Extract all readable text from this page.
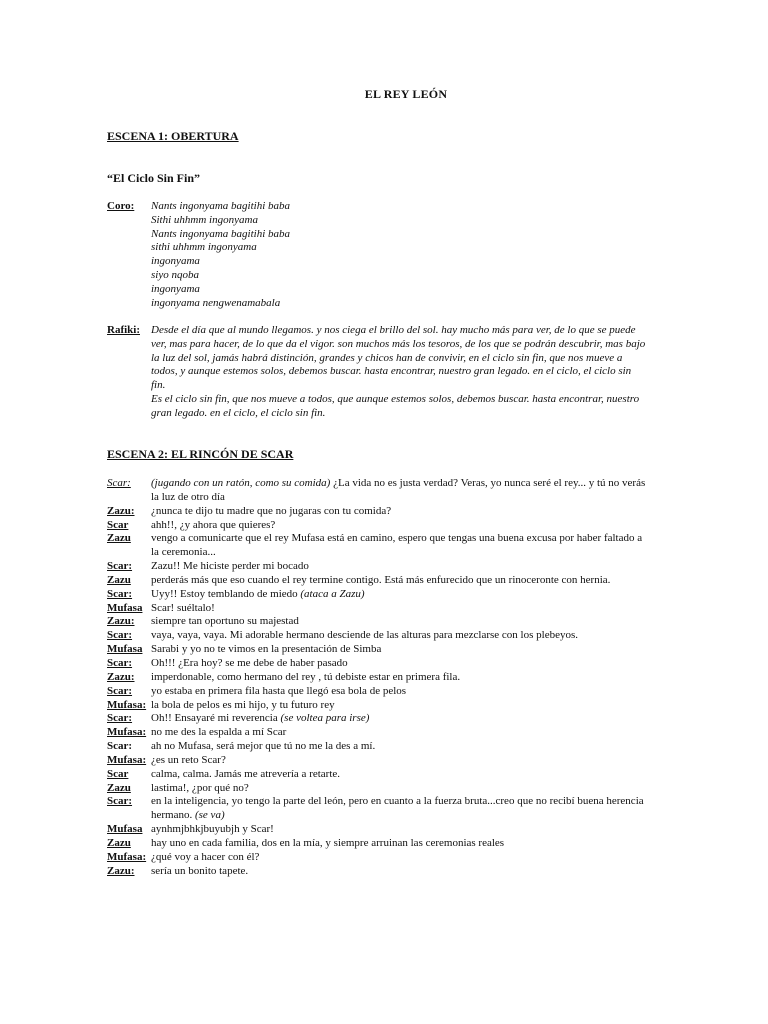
EL REY LEÓN
ESCENA 1: OBERTURA
“El Ciclo Sin Fin”
Coro:	Nants ingonyama bagitihi baba
Sithi uhhmm ingonyama
Nants ingonyama bagitihi baba
sithi uhhmm ingonyama
ingonyama
siyo nqoba
ingonyama
ingonyama nengwenamabala
Rafiki:	Desde el día que al mundo llegamos. y nos ciega el brillo del sol. hay mucho más para ver, de lo que se puede ver, mas para hacer, de lo que da el vigor. son muchos más los tesoros, de los que se podrán descubrir, mas bajo la luz del sol, jamás habrá distinción, grandes y chicos han de convivir, en el ciclo sin fin, que nos mueve a todos, y aunque estemos solos, debemos buscar. hasta encontrar, nuestro gran legado. en el ciclo, el ciclo sin fin.
Es el ciclo sin fin, que nos mueve a todos, que aunque estemos solos, debemos buscar. hasta encontrar, nuestro gran legado. en el ciclo, el ciclo sin fin.
ESCENA 2: EL RINCÓN DE SCAR
Scar:	(jugando con un ratón, como su comida) ¿La vida no es justa verdad? Veras, yo nunca seré el rey... y tú no verás la luz de otro día
Zazu:	¿nunca te dijo tu madre que no jugaras con tu comida?
Scar	ahh!!, ¿y ahora que quieres?
Zazu	vengo a comunicarte que el rey Mufasa está en camino, espero que tengas una buena excusa por haber faltado a la ceremonia...
Scar:	Zazu!! Me hiciste perder mi bocado
Zazu	perderás más que eso cuando el rey termine contigo. Está más enfurecido que un rinoceronte con hernia.
Scar:	Uyy!! Estoy temblando de miedo (ataca a Zazu)
Mufasa Scar! suéltalo!
Zazu:	siempre tan oportuno su majestad
Scar:	vaya, vaya, vaya. Mi adorable hermano desciende de las alturas para mezclarse con los plebeyos.
Mufasa Sarabi y yo no te vimos en la presentación de Simba
Scar:	Oh!!! ¿Era hoy? se me debe de haber pasado
Zazu:	imperdonable, como hermano del rey , tú debiste estar en primera fila.
Scar:	yo estaba en primera fila hasta que llegó esa bola de pelos
Mufasa: la bola de pelos es mi hijo, y tu futuro rey
Scar:	Oh!! Ensayaré mi reverencia (se voltea para irse)
Mufasa: no me des la espalda a mí Scar
Scar:	ah no Mufasa, será mejor que tú no me la des a mí.
Mufasa: ¿es un reto Scar?
Scar	calma, calma. Jamás me atrevería a retarte.
Zazu	lastima!, ¿por qué no?
Scar:	en la inteligencia, yo tengo la parte del león, pero en cuanto a la fuerza bruta...creo que no recibí buena herencia hermano. (se va)
Mufasa aynhmjbhkjbuyubjh y Scar!
Zazu	hay uno en cada familia, dos en la mía, y siempre arruinan las ceremonias reales
Mufasa: ¿qué voy a hacer con él?
Zazu:	sería un bonito tapete.
